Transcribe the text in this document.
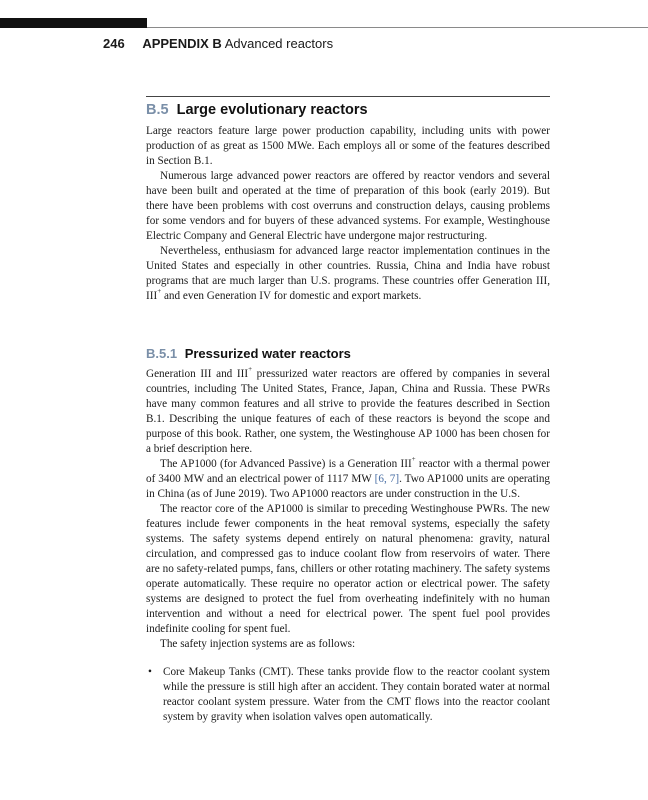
246 APPENDIX B Advanced reactors
B.5 Large evolutionary reactors

Large reactors feature large power production capability, including units with power production of as great as 1500 MWe. Each employs all or some of the features described in Section B.1.

Numerous large advanced power reactors are offered by reactor vendors and several have been built and operated at the time of preparation of this book (early 2019). But there have been problems with cost overruns and construction delays, causing problems for some vendors and for buyers of these advanced systems. For example, Westinghouse Electric Company and General Electric have undergone major restructuring.

Nevertheless, enthusiasm for advanced large reactor implementation continues in the United States and especially in other countries. Russia, China and India have robust programs that are much larger than U.S. programs. These countries offer Generation III, III+ and even Generation IV for domestic and export markets.

B.5.1 Pressurized water reactors

Generation III and III+ pressurized water reactors are offered by companies in several countries, including The United States, France, Japan, China and Russia. These PWRs have many common features and all strive to provide the features described in Section B.1. Describing the unique features of each of these reactors is beyond the scope and purpose of this book. Rather, one system, the Westinghouse AP 1000 has been chosen for a brief description here.

The AP1000 (for Advanced Passive) is a Generation III+ reactor with a thermal power of 3400 MW and an electrical power of 1117 MW [6, 7]. Two AP1000 units are operating in China (as of June 2019). Two AP1000 reactors are under construction in the U.S.

The reactor core of the AP1000 is similar to preceding Westinghouse PWRs. The new features include fewer components in the heat removal systems, especially the safety systems. The safety systems depend entirely on natural phenomena: gravity, natural circulation, and compressed gas to induce coolant flow from reservoirs of water. There are no safety-related pumps, fans, chillers or other rotating machinery. The safety systems operate automatically. These require no operator action or electrical power. The safety systems are designed to protect the fuel from overheating indefinitely with no human intervention and without a need for electrical power. The spent fuel pool provides indefinite cooling for spent fuel.

The safety injection systems are as follows:

• Core Makeup Tanks (CMT). These tanks provide flow to the reactor coolant system while the pressure is still high after an accident. They contain borated water at normal reactor coolant system pressure. Water from the CMT flows into the reactor coolant system by gravity when isolation valves open automatically.
